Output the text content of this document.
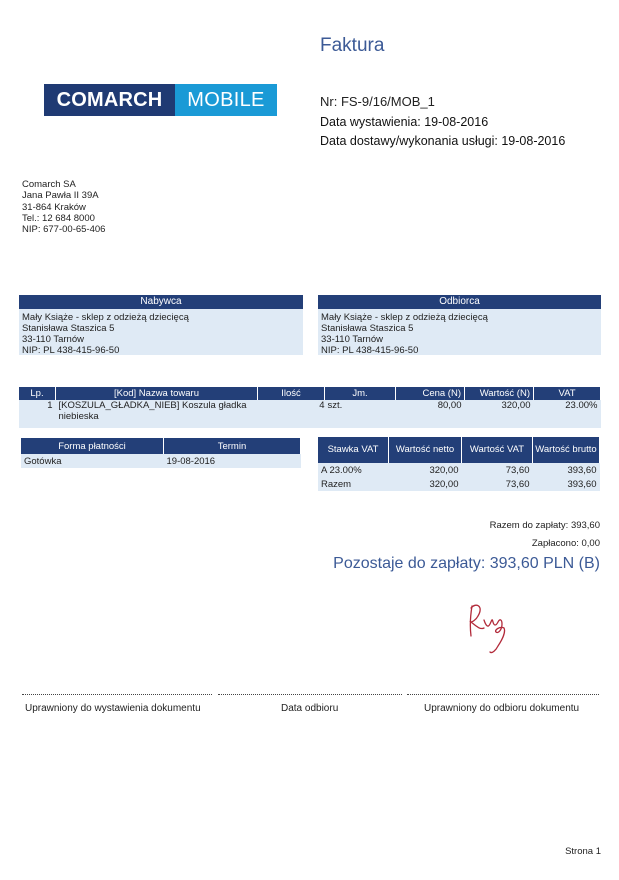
Faktura
COMARCH	MOBILE	Nr: FS-9/16/MOB_1
Data wystawienia: 19-08-2016
Data dostawy/wykonania usługi: 19-08-2016
Comarch SA
Jana Pawła II 39A
31-864 Kraków
Tel.: 12 684 8000
NIP: 677-00-65-406
Nabywca
Mały Książe - sklep z odzieżą dziecięcą
Stanisława Staszica 5
33-110 Tarnów
NIP: PL 438-415-96-50
Odbiorca
Mały Książe - sklep z odzieżą dziecięcą
Stanisława Staszica 5
33-110 Tarnów
NIP: PL 438-415-96-50
Lp.	[Kod] Nazwa towaru	Ilość	Jm.	Cena (N)	Wartość (N)	VAT
1	[KOSZULA_GŁADKA_NIEB] Koszula gładka niebieska	4	szt.	80,00	320,00	23.00%
Forma płatności	Termin
Gotówka	19-08-2016
Stawka VAT	Wartość netto	Wartość VAT	Wartość brutto
A 23.00%	320,00	73,60	393,60
Razem	320,00	73,60	393,60
Razem do zapłaty: 393,60
Zapłacono: 0,00
Pozostaje do zapłaty: 393,60 PLN (B)
Uprawniony do wystawienia dokumentu	Data odbioru	Uprawniony do odbioru dokumentu
Strona 1
